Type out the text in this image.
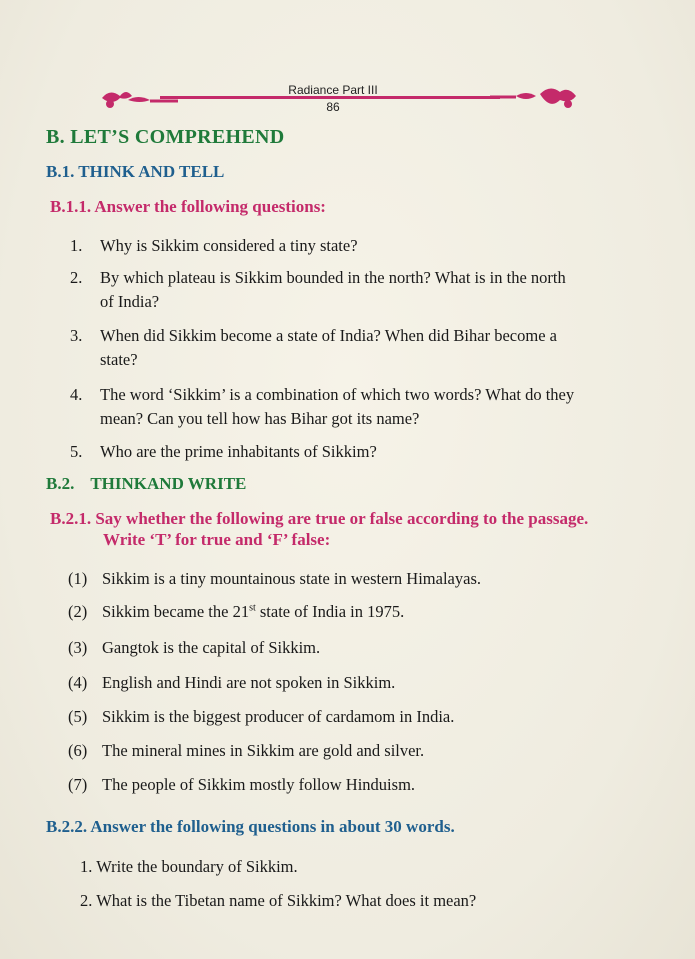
Radiance Part III
86
B. LET’S COMPREHEND
B.1. THINK AND TELL
B.1.1. Answer the following questions:
1. Why is Sikkim considered a tiny state?
2. By which plateau is Sikkim bounded in the north? What is in the north
of India?
3. When did Sikkim become a state of India? When did Bihar become a
state?
4. The word ‘Sikkim’ is a combination of which two words? What do they
mean? Can you tell how has Bihar got its name?
5. Who are the prime inhabitants of Sikkim?
B.2. THINKAND WRITE
B.2.1. Say whether the following are true or false according to the passage.
Write ‘T’ for true and ‘F’ false:
(1) Sikkim is a tiny mountainous state in western Himalayas.
(2) Sikkim became the 21st state of India in 1975.
(3) Gangtok is the capital of Sikkim.
(4) English and Hindi are not spoken in Sikkim.
(5) Sikkim is the biggest producer of cardamom in India.
(6) The mineral mines in Sikkim are gold and silver.
(7) The people of Sikkim mostly follow Hinduism.
B.2.2. Answer the following questions in about 30 words.
1. Write the boundary of Sikkim.
2. What is the Tibetan name of Sikkim? What does it mean?
